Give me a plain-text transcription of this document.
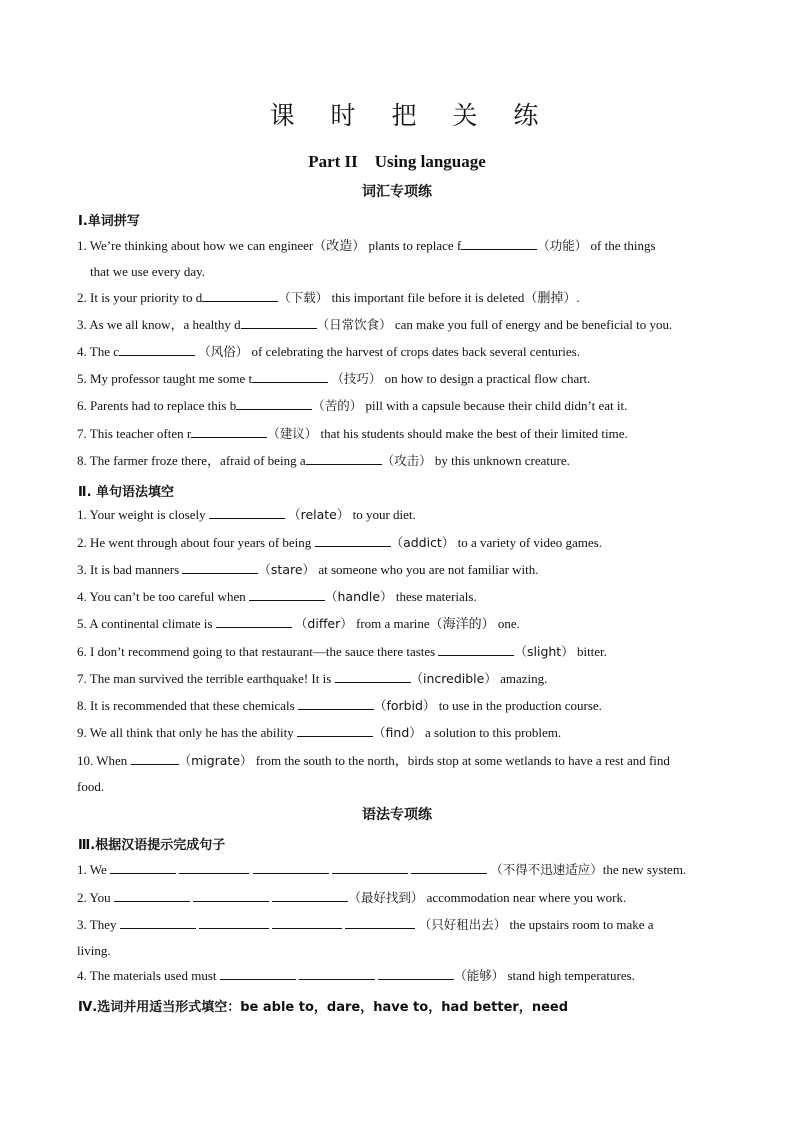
课 时 把 关 练
Part II　Using language
词汇专项练
Ⅰ.单词拼写
1. We’re thinking about how we can engineer（改造） plants to replace f	（功能） of the things
that we use every day.
2. It is your priority to d	（下载） this important file before it is deleted（删掉）.
3. As we all know，a healthy d	（日常饮食） can make you full of energy and be beneficial to you.
4. The c	（风俗） of celebrating the harvest of crops dates back several centuries.
5. My professor taught me some t	（技巧） on how to design a practical flow chart.
6. Parents had to replace this b	（苦的） pill with a capsule because their child didn’t eat it.
7. This teacher often r	（建议） that his students should make the best of their limited time.
8. The farmer froze there，afraid of being a	（攻击） by this unknown creature.
Ⅱ. 单句语法填空
1. Your weight is closely	（relate） to your diet.
2. He went through about four years of being	（addict） to a variety of video games.
3. It is bad manners	（stare） at someone who you are not familiar with.
4. You can’t be too careful when	（handle） these materials.
5. A continental climate is	（differ） from a marine（海洋的） one.
6. I don’t recommend going to that restaurant—the sauce there tastes	（slight） bitter.
7. The man survived the terrible earthquake! It is	（incredible） amazing.
8. It is recommended that these chemicals	（forbid） to use in the production course.
9. We all think that only he has the ability	（find） a solution to this problem.
10. When	（migrate） from the south to the north，birds stop at some wetlands to have a rest and find
food.
语法专项练
Ⅲ.根据汉语提示完成句子
1. We	（不得不迅速适应）the new system.
2. You	（最好找到） accommodation near where you work.
3. They	（只好租出去） the upstairs room to make a
living.
4. The materials used must	（能够） stand high temperatures.
Ⅳ.选词并用适当形式填空：be able to，dare，have to，had better，need
